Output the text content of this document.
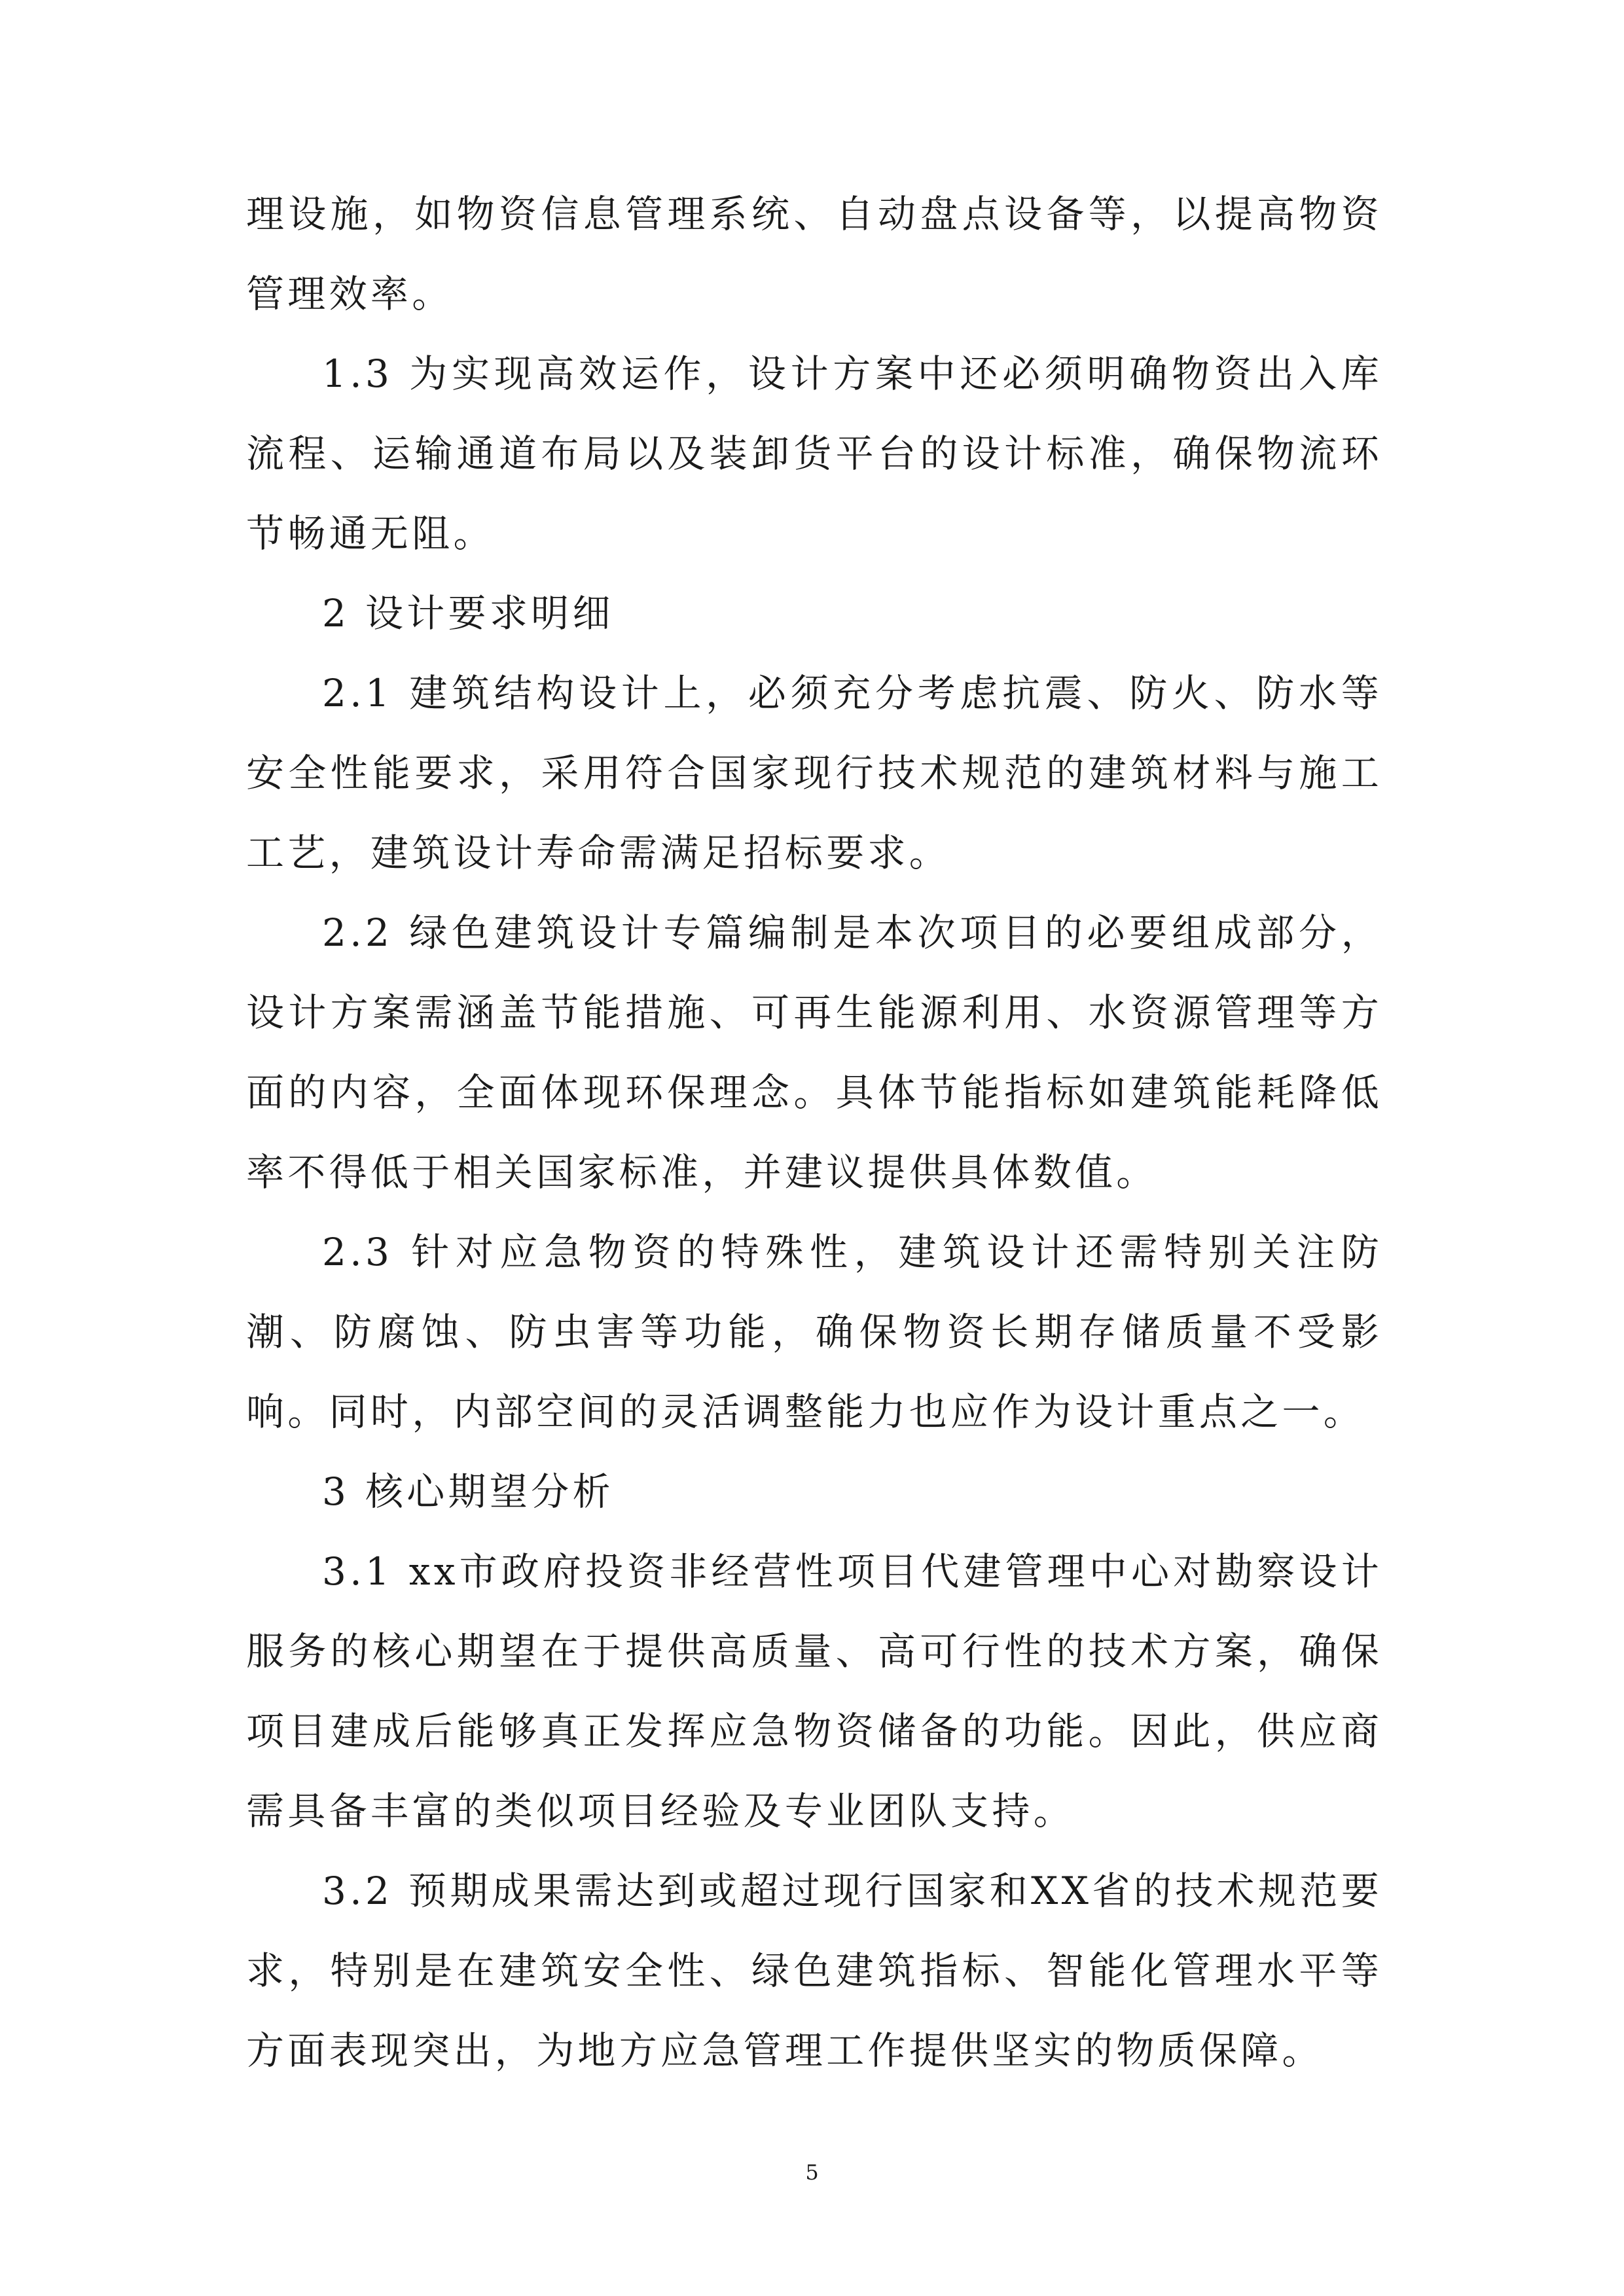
理设施，如物资信息管理系统、自动盘点设备等，以提高物资管理效率。

1.3 为实现高效运作，设计方案中还必须明确物资出入库流程、运输通道布局以及装卸货平台的设计标准，确保物流环节畅通无阻。

2 设计要求明细

2.1 建筑结构设计上，必须充分考虑抗震、防火、防水等安全性能要求，采用符合国家现行技术规范的建筑材料与施工工艺，建筑设计寿命需满足招标要求。

2.2 绿色建筑设计专篇编制是本次项目的必要组成部分，设计方案需涵盖节能措施、可再生能源利用、水资源管理等方面的内容，全面体现环保理念。具体节能指标如建筑能耗降低率不得低于相关国家标准，并建议提供具体数值。

2.3 针对应急物资的特殊性，建筑设计还需特别关注防潮、防腐蚀、防虫害等功能，确保物资长期存储质量不受影响。同时，内部空间的灵活调整能力也应作为设计重点之一。

3 核心期望分析

3.1 xx市政府投资非经营性项目代建管理中心对勘察设计服务的核心期望在于提供高质量、高可行性的技术方案，确保项目建成后能够真正发挥应急物资储备的功能。因此，供应商需具备丰富的类似项目经验及专业团队支持。

3.2 预期成果需达到或超过现行国家和XX省的技术规范要求，特别是在建筑安全性、绿色建筑指标、智能化管理水平等方面表现突出，为地方应急管理工作提供坚实的物质保障。

5
